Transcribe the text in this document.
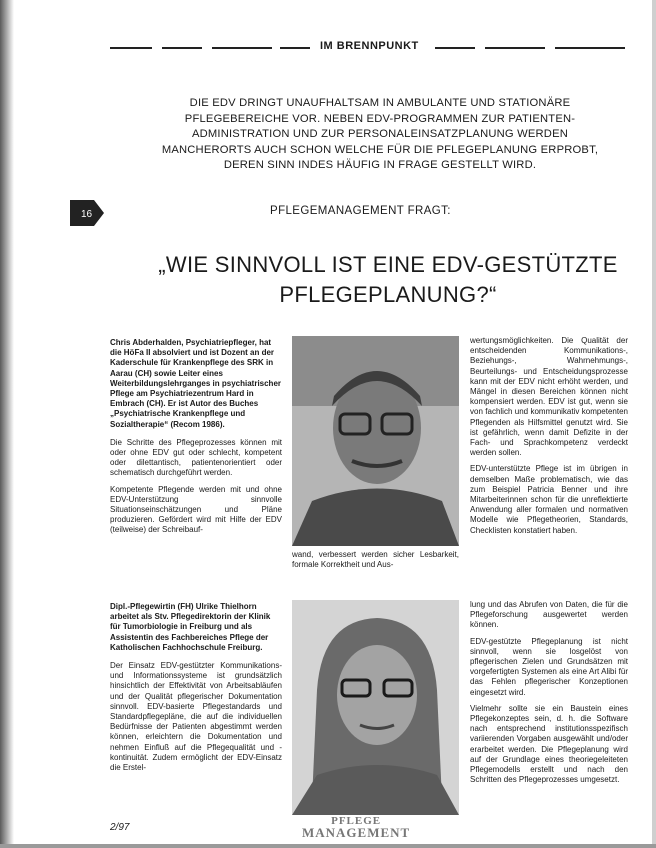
IM BRENNPUNKT
DIE EDV DRINGT UNAUFHALTSAM IN AMBULANTE UND STATIONÄRE PFLEGEBEREICHE VOR. NEBEN EDV-PROGRAMMEN ZUR PATIENTEN-ADMINISTRATION UND ZUR PERSONALEINSATZPLANUNG WERDEN MANCHERORTS AUCH SCHON WELCHE FÜR DIE PFLEGEPLANUNG ERPROBT, DEREN SINN INDES HÄUFIG IN FRAGE GESTELLT WIRD.
16	PFLEGEMANAGEMENT FRAGT:
„WIE SINNVOLL IST EINE EDV-GESTÜTZTE
PFLEGEPLANUNG?“
Chris Abderhalden, Psychiatriepfleger, hat die HöFa II absolviert und ist Dozent an der Kaderschule für Krankenpflege des SRK in Aarau (CH) sowie Leiter eines Weiterbildungslehrganges in psychiatrischer Pflege am Psychiatriezentrum Hard in Embrach (CH). Er ist Autor des Buches „Psychiatrische Krankenpflege und Sozialtherapie“ (Recom 1986).

Die Schritte des Pflegeprozesses können mit oder ohne EDV gut oder schlecht, kompetent oder dilettantisch, patientenorientiert oder schematisch durchgeführt werden.

Kompetente Pflegende werden mit und ohne EDV-Unterstützung sinnvolle Situationseinschätzungen und Pläne produzieren. Gefördert wird mit Hilfe der EDV (teilweise) der Schreibauf-

wand, verbessert werden sicher Lesbarkeit, formale Korrektheit und Aus-

wertungsmöglichkeiten. Die Qualität der entscheidenden Kommunikations-, Beziehungs-, Wahrnehmungs-, Beurteilungs- und Entscheidungsprozesse kann mit der EDV nicht erhöht werden, und Mängel in diesen Bereichen können nicht kompensiert werden. EDV ist gut, wenn sie von fachlich und kommunikativ kompetenten Pflegenden als Hilfsmittel genutzt wird. Sie ist gefährlich, wenn damit Defizite in der Fach- und Sprachkompetenz verdeckt werden sollen.

EDV-unterstützte Pflege ist im übrigen in demselben Maße problematisch, wie das zum Beispiel Patricia Benner und ihre Mitarbeiterinnen schon für die unreflektierte Anwendung aller formalen und normativen Modelle wie Pflegetheorien, Standards, Checklisten konstatiert haben.

Dipl.-Pflegewirtin (FH) Ulrike Thielhorn arbeitet als Stv. Pflegedirektorin der Klinik für Tumorbiologie in Freiburg und als Assistentin des Fachbereiches Pflege der Katholischen Fachhochschule Freiburg.

Der Einsatz EDV-gestützter Kommunikations- und Informationssysteme ist grundsätzlich hinsichtlich der Effektivität von Arbeitsabläufen und der Qualität pflegerischer Dokumentation sinnvoll. EDV-basierte Pflegestandards und Standardpflegepläne, die auf die individuellen Bedürfnisse der Patienten abgestimmt werden können, erleichtern die Dokumentation und nehmen Einfluß auf die Pflegequalität und -kontinuität. Zudem ermöglicht der EDV-Einsatz die Erstel-

lung und das Abrufen von Daten, die für die Pflegeforschung ausgewertet werden können.

EDV-gestützte Pflegeplanung ist nicht sinnvoll, wenn sie losgelöst von pflegerischen Zielen und Grundsätzen mit vorgefertigten Systemen als eine Art Alibi für das Fehlen pflegerischer Konzeptionen eingesetzt wird.

Vielmehr sollte sie ein Baustein eines Pflegekonzeptes sein, d. h. die Software nach entsprechend institutionsspezifisch variierenden Vorgaben ausgewählt und/oder erarbeitet werden. Die Pflegeplanung wird auf der Grundlage eines theoriegeleiteten Pflegemodells erstellt und nach den Schritten des Pflegeprozesses umgesetzt.

2/97
PFLEGE
MANAGEMENT
